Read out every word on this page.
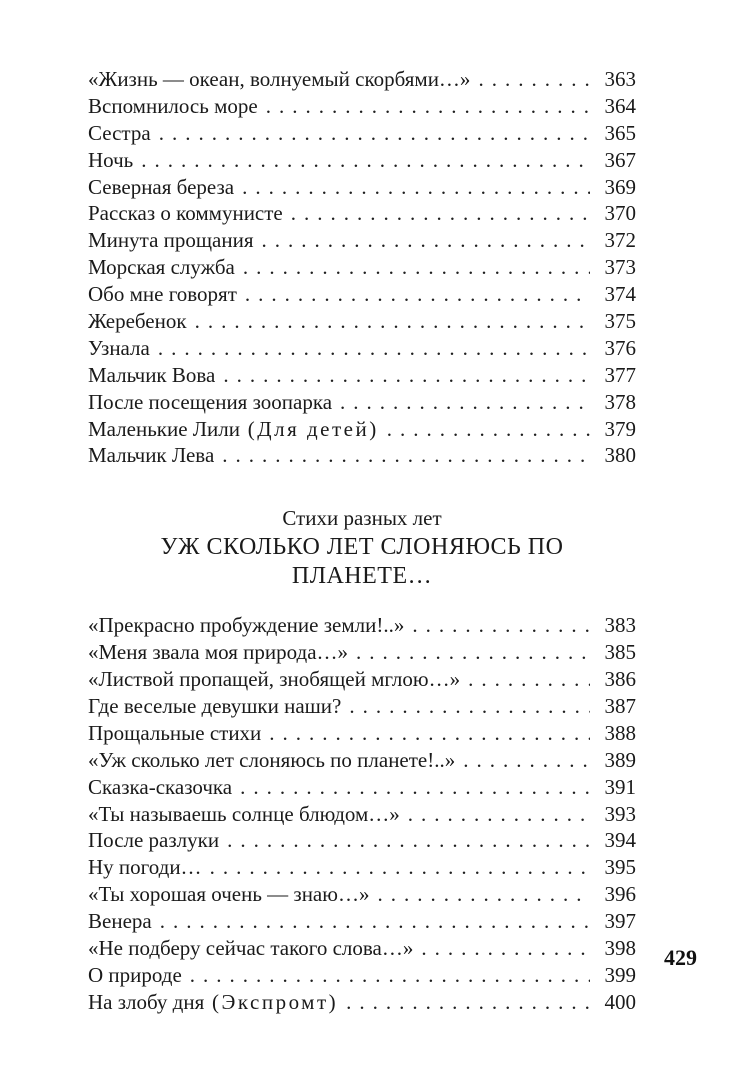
«Жизнь — океан, волнуемый скорбями…» .....	363
Вспомнилось море .....	364
Сестра .....	365
Ночь .....	367
Северная береза .....	369
Рассказ о коммунисте .....	370
Минута прощания .....	372
Морская служба .....	373
Обо мне говорят .....	374
Жеребенок .....	375
Узнала .....	376
Мальчик Вова .....	377
После посещения зоопарка .....	378
Маленькие Лили (Для детей) .....	379
Мальчик Лева .....	380
Стихи разных лет
УЖ СКОЛЬКО ЛЕТ СЛОНЯЮСЬ ПО ПЛАНЕТЕ…
«Прекрасно пробуждение земли!..» .....	383
«Меня звала моя природа…» .....	385
«Листвой пропащей, знобящей мглою…» .....	386
Где веселые девушки наши? .....	387
Прощальные стихи .....	388
«Уж сколько лет слоняюсь по планете!..» .....	389
Сказка-сказочка .....	391
«Ты называешь солнце блюдом…» .....	393
После разлуки .....	394
Ну погоди… .....	395
«Ты хорошая очень — знаю…» .....	396
Венера .....	397
«Не подберу сейчас такого слова…» .....	398
О природе .....	399
На злобу дня (Экспромт) .....	400
429
